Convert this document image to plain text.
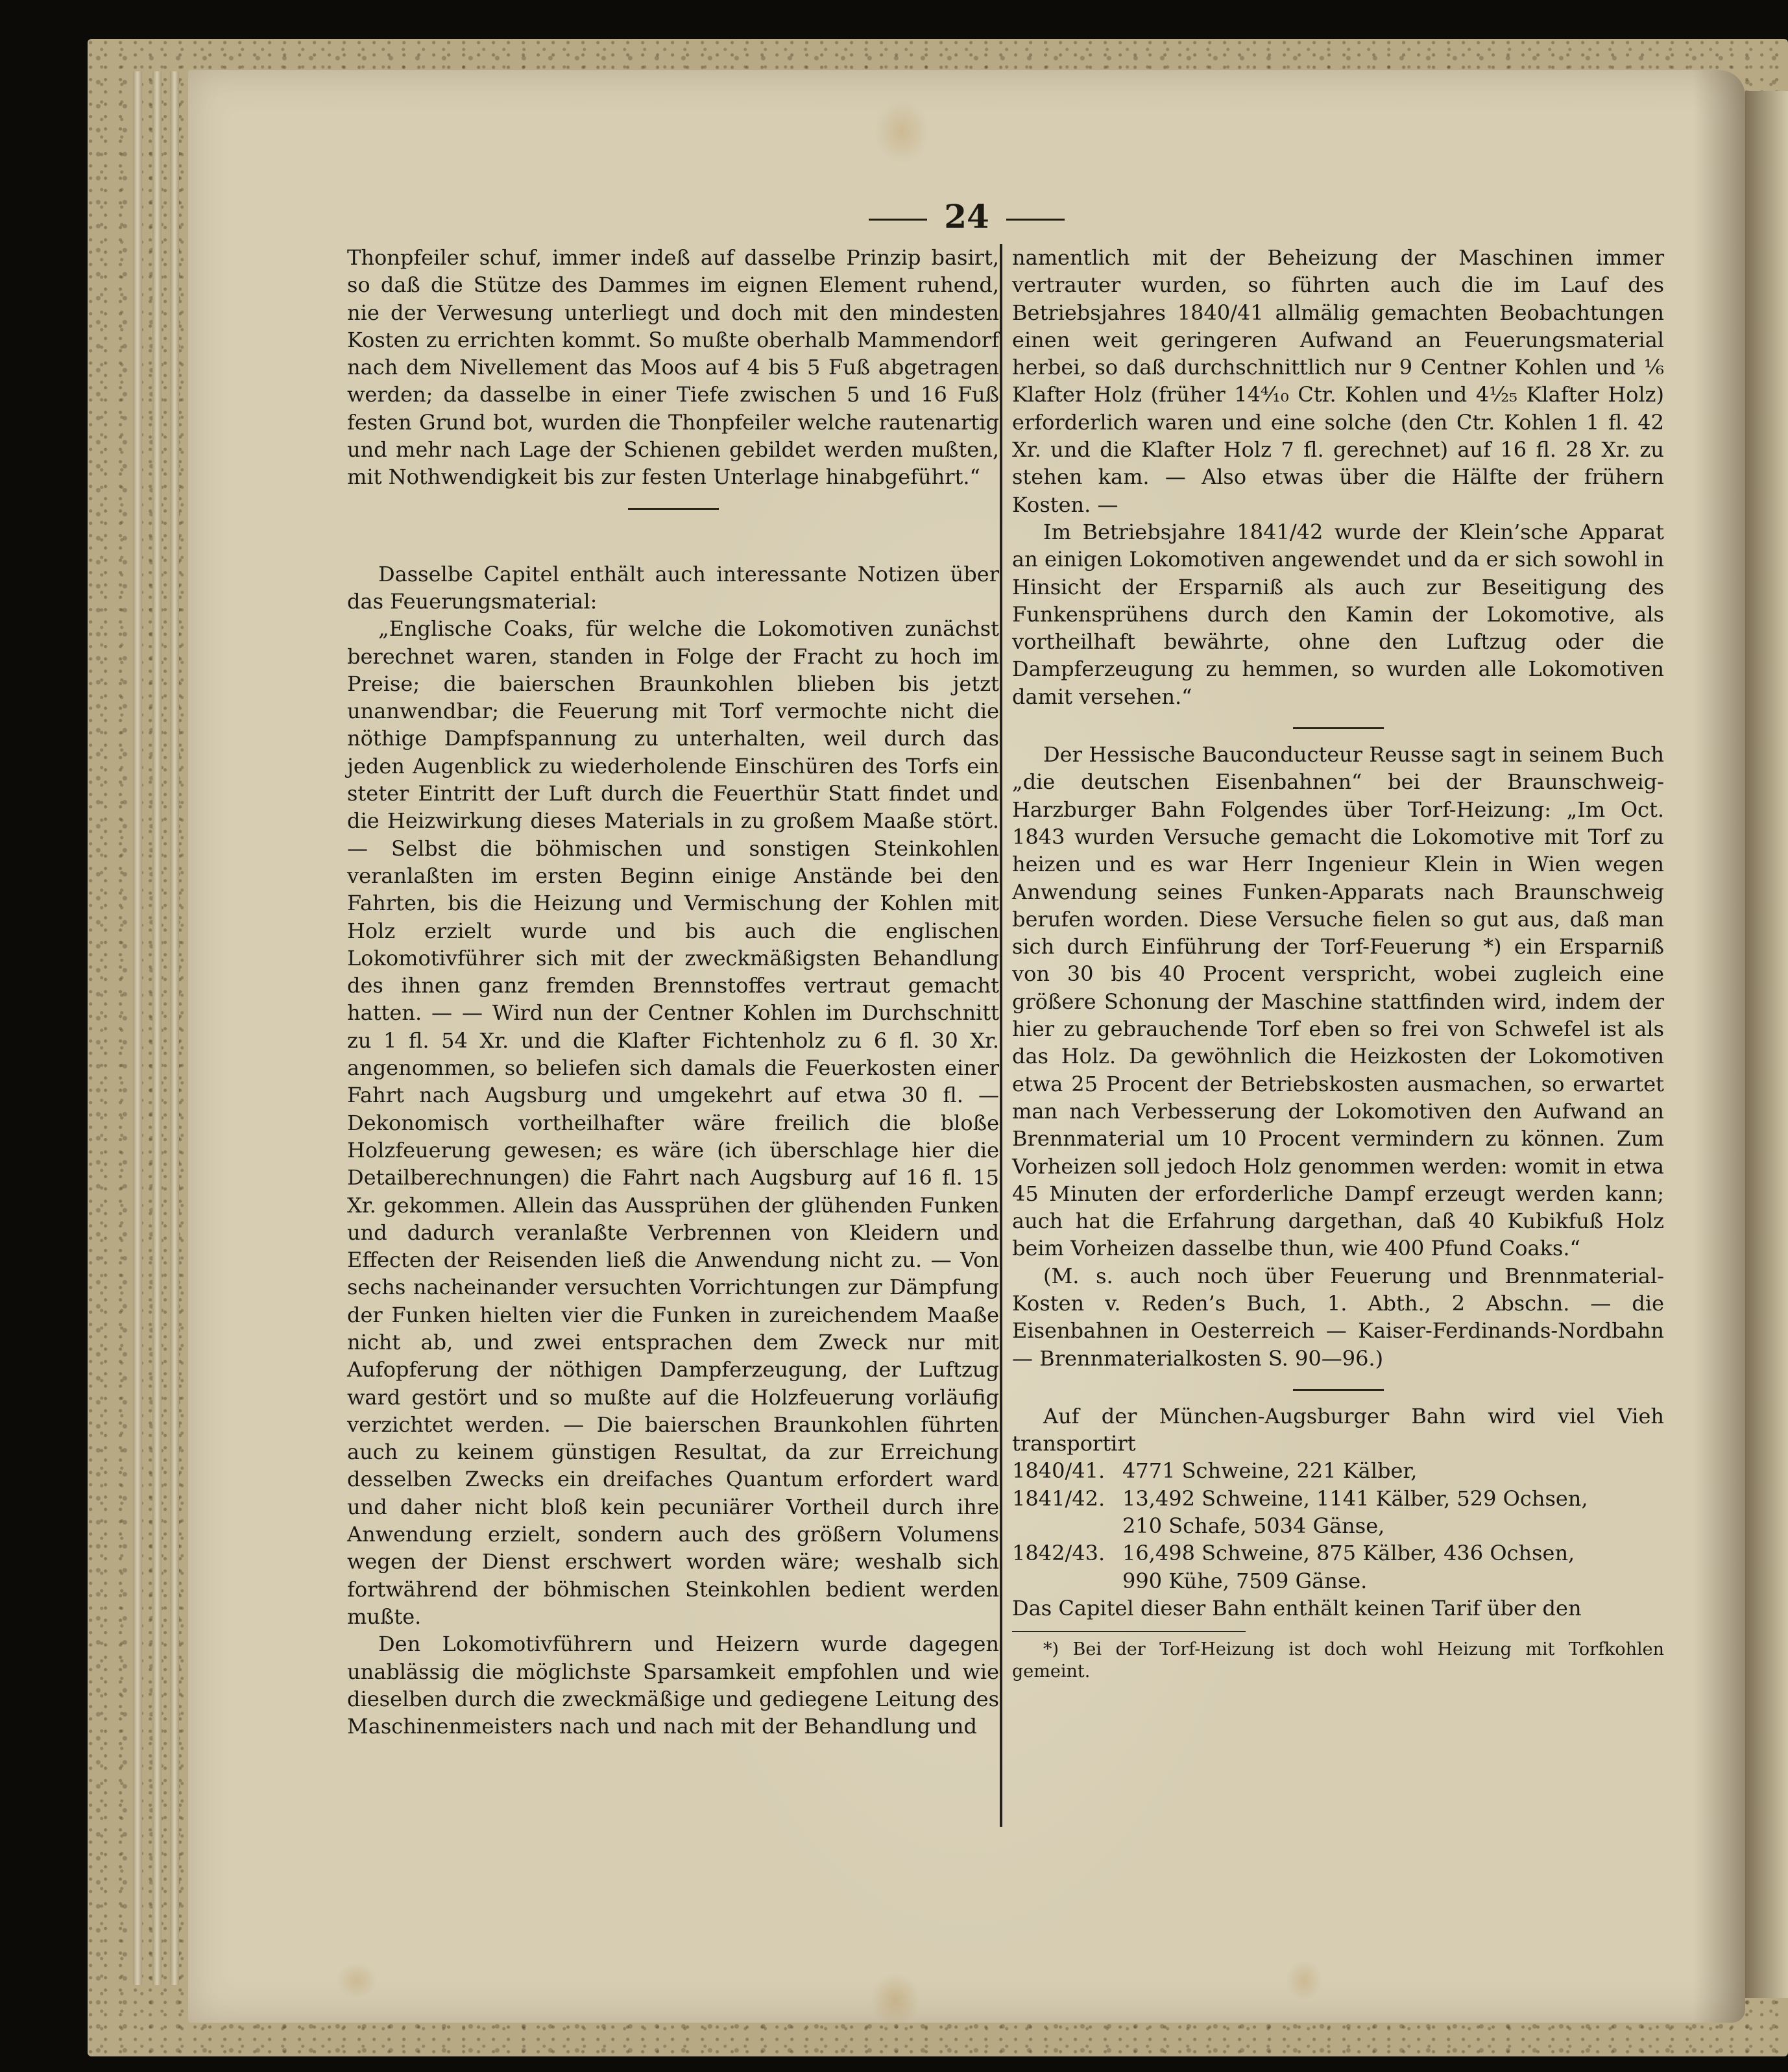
24

Thonpfeiler schuf, immer indeß auf dasselbe Prinzip basirt, so daß die Stütze des Dammes im eignen Element ruhend, nie der Verwesung unterliegt und doch mit den mindesten Kosten zu errichten kommt. So mußte oberhalb Mammendorf nach dem Nivellement das Moos auf 4 bis 5 Fuß abgetragen werden; da dasselbe in einer Tiefe zwischen 5 und 16 Fuß festen Grund bot, wurden die Thonpfeiler welche rautenartig und mehr nach Lage der Schienen gebildet werden mußten, mit Nothwendigkeit bis zur festen Unterlage hinabgeführt.“

Dasselbe Capitel enthält auch interessante Notizen über das Feuerungsmaterial:

„Englische Coaks, für welche die Lokomotiven zunächst berechnet waren, standen in Folge der Fracht zu hoch im Preise; die baierschen Braunkohlen blieben bis jetzt unanwendbar; die Feuerung mit Torf vermochte nicht die nöthige Dampfspannung zu unterhalten, weil durch das jeden Augenblick zu wiederholende Einschüren des Torfs ein steter Eintritt der Luft durch die Feuerthür Statt findet und die Heizwirkung dieses Materials in zu großem Maaße stört. — Selbst die böhmischen und sonstigen Steinkohlen veranlaßten im ersten Beginn einige Anstände bei den Fahrten, bis die Heizung und Vermischung der Kohlen mit Holz erzielt wurde und bis auch die englischen Lokomotivführer sich mit der zweckmäßigsten Behandlung des ihnen ganz fremden Brennstoffes vertraut gemacht hatten. — — Wird nun der Centner Kohlen im Durchschnitt zu 1 fl. 54 Xr. und die Klafter Fichtenholz zu 6 fl. 30 Xr. angenommen, so beliefen sich damals die Feuerkosten einer Fahrt nach Augsburg und umgekehrt auf etwa 30 fl. — Dekonomisch vortheilhafter wäre freilich die bloße Holzfeuerung gewesen; es wäre (ich überschlage hier die Detailberechnungen) die Fahrt nach Augsburg auf 16 fl. 15 Xr. gekommen. Allein das Aussprühen der glühenden Funken und dadurch veranlaßte Verbrennen von Kleidern und Effecten der Reisenden ließ die Anwendung nicht zu. — Von sechs nacheinander versuchten Vorrichtungen zur Dämpfung der Funken hielten vier die Funken in zureichendem Maaße nicht ab, und zwei entsprachen dem Zweck nur mit Aufopferung der nöthigen Dampferzeugung, der Luftzug ward gestört und so mußte auf die Holzfeuerung vorläufig verzichtet werden. — Die baierschen Braunkohlen führten auch zu keinem günstigen Resultat, da zur Erreichung desselben Zwecks ein dreifaches Quantum erfordert ward und daher nicht bloß kein pecuniärer Vortheil durch ihre Anwendung erzielt, sondern auch des größern Volumens wegen der Dienst erschwert worden wäre; weshalb sich fortwährend der böhmischen Steinkohlen bedient werden mußte.

Den Lokomotivführern und Heizern wurde dagegen unablässig die möglichste Sparsamkeit empfohlen und wie dieselben durch die zweckmäßige und gediegene Leitung des Maschinenmeisters nach und nach mit der Behandlung und

namentlich mit der Beheizung der Maschinen immer vertrauter wurden, so führten auch die im Lauf des Betriebsjahres 1840/41 allmälig gemachten Beobachtungen einen weit geringeren Aufwand an Feuerungsmaterial herbei, so daß durchschnittlich nur 9 Centner Kohlen und ⅙ Klafter Holz (früher 14⁴⁄₁₀ Ctr. Kohlen und 4¹⁄₂₅ Klafter Holz) erforderlich waren und eine solche (den Ctr. Kohlen 1 fl. 42 Xr. und die Klafter Holz 7 fl. gerechnet) auf 16 fl. 28 Xr. zu stehen kam. — Also etwas über die Hälfte der frühern Kosten. —

Im Betriebsjahre 1841/42 wurde der Klein’sche Apparat an einigen Lokomotiven angewendet und da er sich sowohl in Hinsicht der Ersparniß als auch zur Beseitigung des Funkensprühens durch den Kamin der Lokomotive, als vortheilhaft bewährte, ohne den Luftzug oder die Dampferzeugung zu hemmen, so wurden alle Lokomotiven damit versehen.“

Der Hessische Bauconducteur Reusse sagt in seinem Buch „die deutschen Eisenbahnen“ bei der Braunschweig-Harzburger Bahn Folgendes über Torf-Heizung: „Im Oct. 1843 wurden Versuche gemacht die Lokomotive mit Torf zu heizen und es war Herr Ingenieur Klein in Wien wegen Anwendung seines Funken-Apparats nach Braunschweig berufen worden. Diese Versuche fielen so gut aus, daß man sich durch Einführung der Torf-Feuerung *) ein Ersparniß von 30 bis 40 Procent verspricht, wobei zugleich eine größere Schonung der Maschine stattfinden wird, indem der hier zu gebrauchende Torf eben so frei von Schwefel ist als das Holz. Da gewöhnlich die Heizkosten der Lokomotiven etwa 25 Procent der Betriebskosten ausmachen, so erwartet man nach Verbesserung der Lokomotiven den Aufwand an Brennmaterial um 10 Procent vermindern zu können. Zum Vorheizen soll jedoch Holz genommen werden: womit in etwa 45 Minuten der erforderliche Dampf erzeugt werden kann; auch hat die Erfahrung dargethan, daß 40 Kubikfuß Holz beim Vorheizen dasselbe thun, wie 400 Pfund Coaks.“

(M. s. auch noch über Feuerung und Brennmaterial-Kosten v. Reden’s Buch, 1. Abth., 2 Abschn. — die Eisenbahnen in Oesterreich — Kaiser-Ferdinands-Nordbahn — Brennmaterialkosten S. 90—96.)

Auf der München-Augsburger Bahn wird viel Vieh transportirt

1840/41. 4771 Schweine, 221 Kälber,
1841/42. 13,492 Schweine, 1141 Kälber, 529 Ochsen,
210 Schafe, 5034 Gänse,
1842/43. 16,498 Schweine, 875 Kälber, 436 Ochsen,
990 Kühe, 7509 Gänse.

Das Capitel dieser Bahn enthält keinen Tarif über den

*) Bei der Torf-Heizung ist doch wohl Heizung mit Torfkohlen gemeint.
